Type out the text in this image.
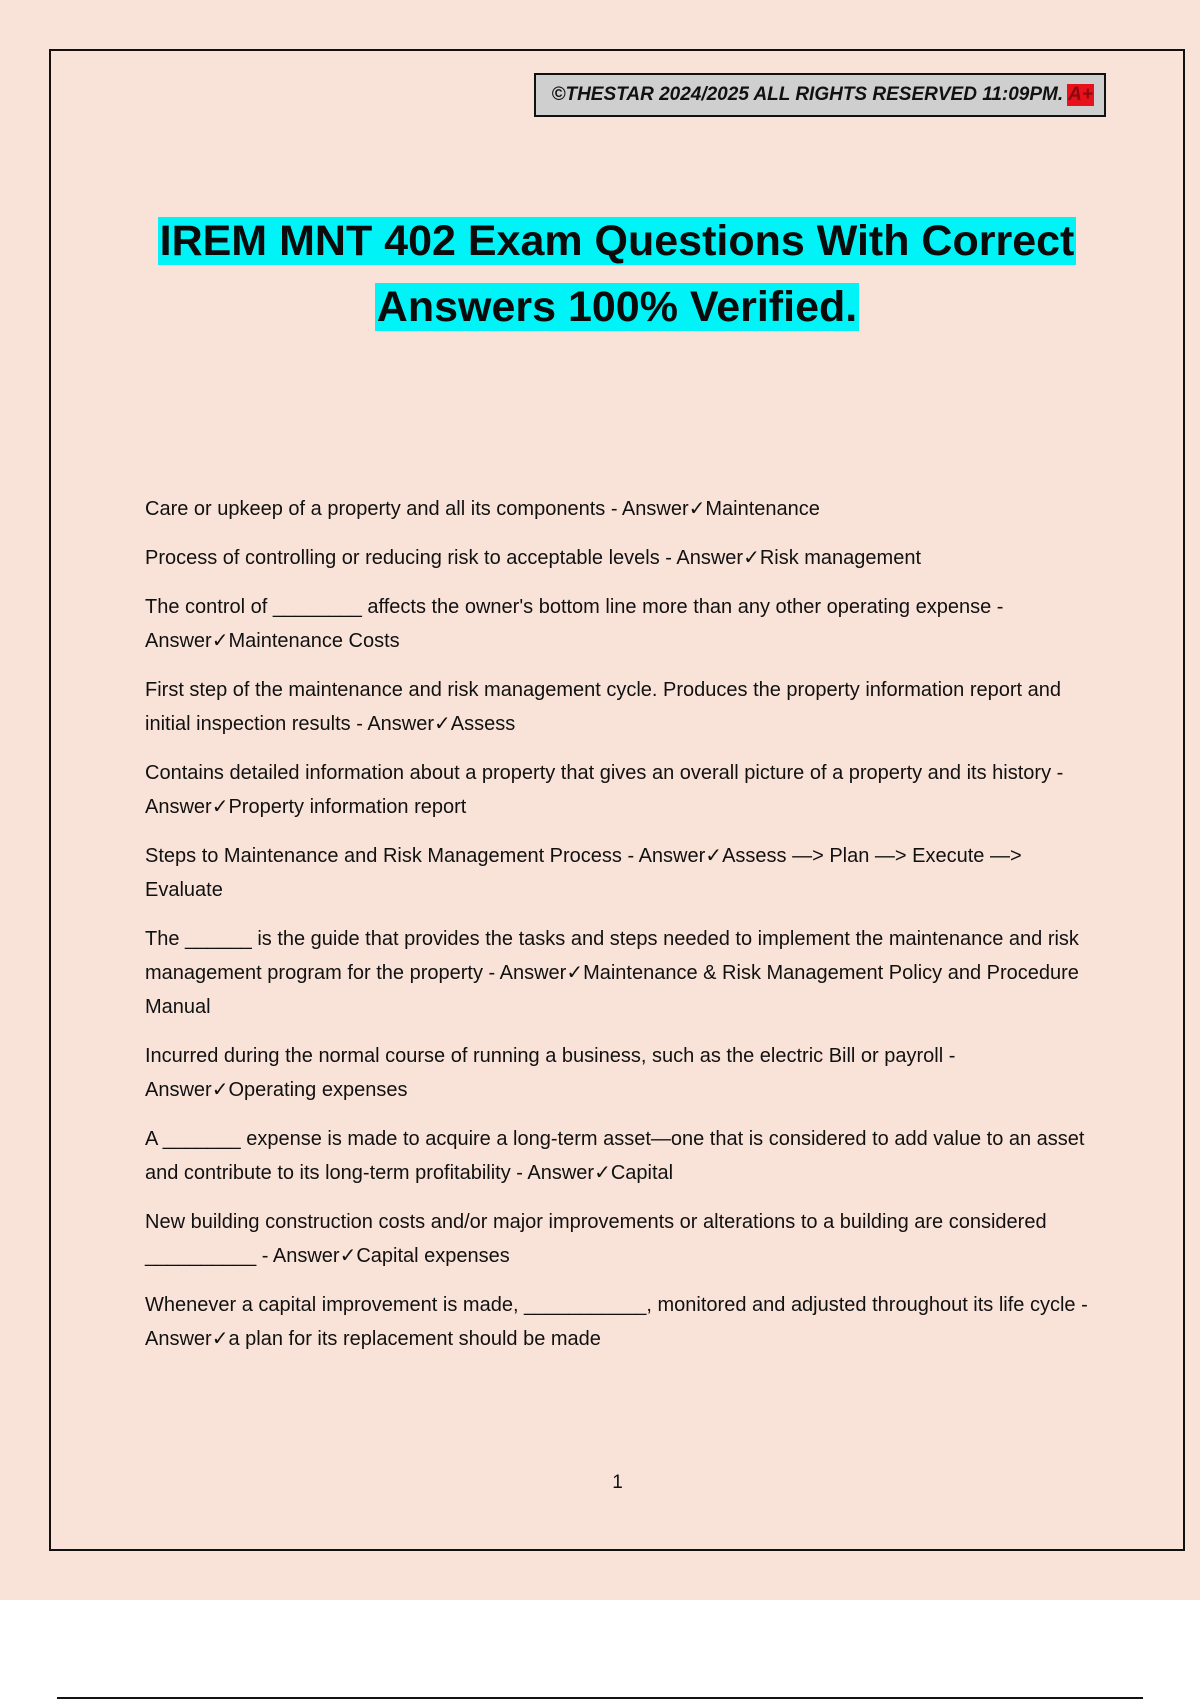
©THESTAR 2024/2025 ALL RIGHTS RESERVED 11:09PM. A+
IREM MNT 402 Exam Questions With Correct
Answers 100% Verified.

Care or upkeep of a property and all its components - Answer✓Maintenance

Process of controlling or reducing risk to acceptable levels - Answer✓Risk management

The control of ________ affects the owner's bottom line more than any other operating expense - Answer✓Maintenance Costs

First step of the maintenance and risk management cycle. Produces the property information report and initial inspection results - Answer✓Assess

Contains detailed information about a property that gives an overall picture of a property and its history - Answer✓Property information report

Steps to Maintenance and Risk Management Process - Answer✓Assess —> Plan —> Execute —> Evaluate

The ______ is the guide that provides the tasks and steps needed to implement the maintenance and risk management program for the property - Answer✓Maintenance & Risk Management Policy and Procedure Manual

Incurred during the normal course of running a business, such as the electric Bill or payroll - Answer✓Operating expenses

A _______ expense is made to acquire a long-term asset—one that is considered to add value to an asset and contribute to its long-term profitability - Answer✓Capital

New building construction costs and/or major improvements or alterations to a building are considered __________ - Answer✓Capital expenses

Whenever a capital improvement is made, ___________, monitored and adjusted throughout its life cycle - Answer✓a plan for its replacement should be made

1
